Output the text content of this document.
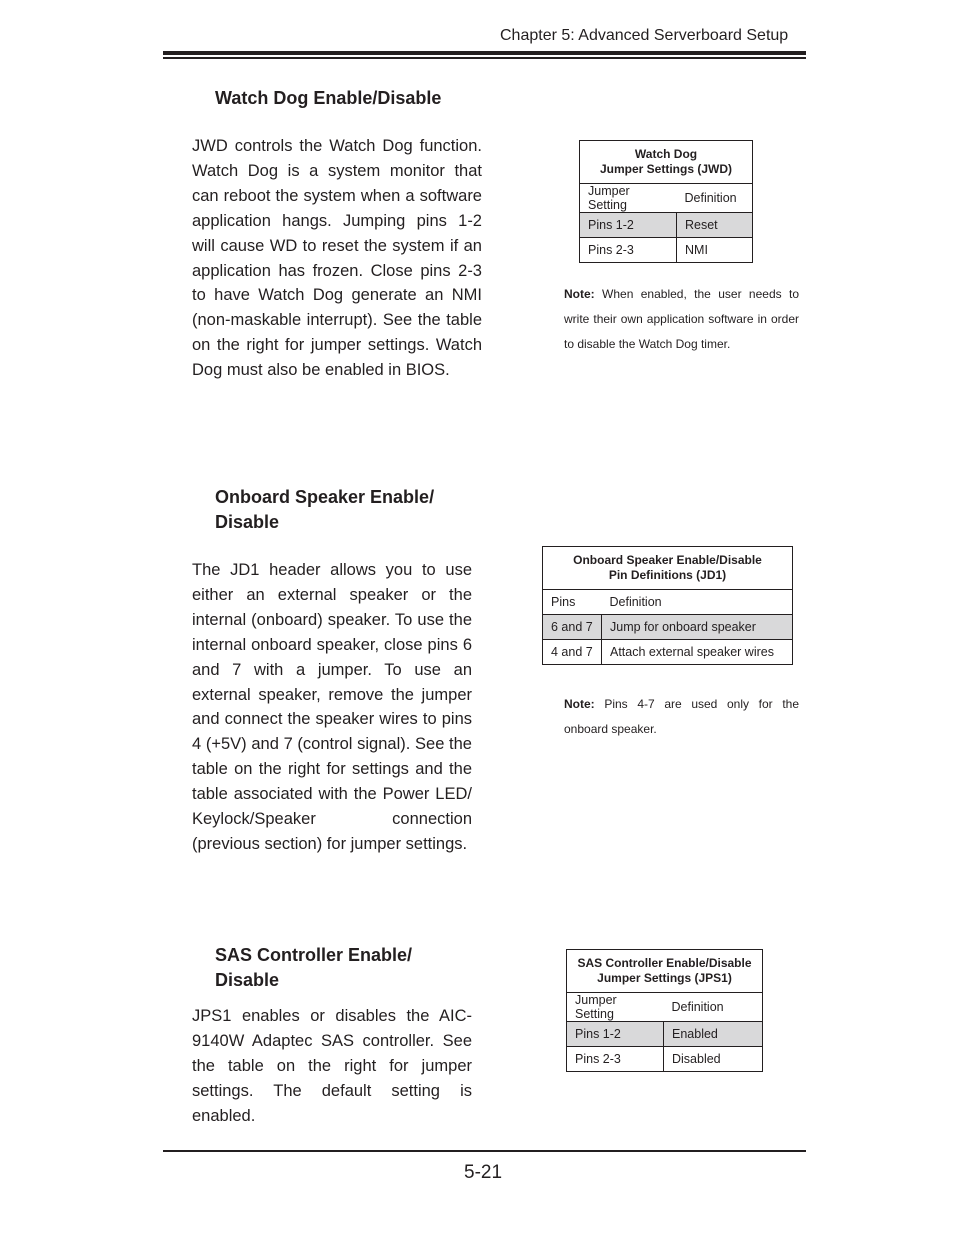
Chapter 5: Advanced Serverboard Setup
Watch Dog Enable/Disable

JWD controls the Watch Dog function. Watch Dog is a system monitor that can reboot the system when a software application hangs. Jumping pins 1-2 will cause WD to reset the system if an application has frozen. Close pins 2-3 to have Watch Dog generate an NMI (non-maskable interrupt). See the table on the right for jumper settings. Watch Dog must also be enabled in BIOS.

Watch Dog
Jumper Settings (JWD)	
Jumper Setting	Definition
Pins 1-2	Reset
Pins 2-3	NMI

Note: When enabled, the user needs to write their own application software in order to disable the Watch Dog timer.

Onboard Speaker Enable/
Disable

The JD1 header allows you to use either an external speaker or the internal (onboard) speaker. To use the internal onboard speaker, close pins 6 and 7 with a jumper. To use an external speaker, remove the jumper and connect the speaker wires to pins 4 (+5V) and 7 (control signal). See the table on the right for settings and the table associated with the Power LED/ Keylock/Speaker connection (previous section) for jumper settings.

Onboard Speaker Enable/Disable
Pin Definitions (JD1)	
Pins	Definition
6 and 7	Jump for onboard speaker
4 and 7	Attach external speaker wires

Note: Pins 4-7 are used only for the onboard speaker.

SAS Controller Enable/
Disable

JPS1 enables or disables the AIC-9140W Adaptec SAS controller. See the table on the right for jumper settings. The default setting is enabled.

SAS Controller Enable/Disable
Jumper Settings (JPS1)	
Jumper Setting	Definition
Pins 1-2	Enabled
Pins 2-3	Disabled
5-21
